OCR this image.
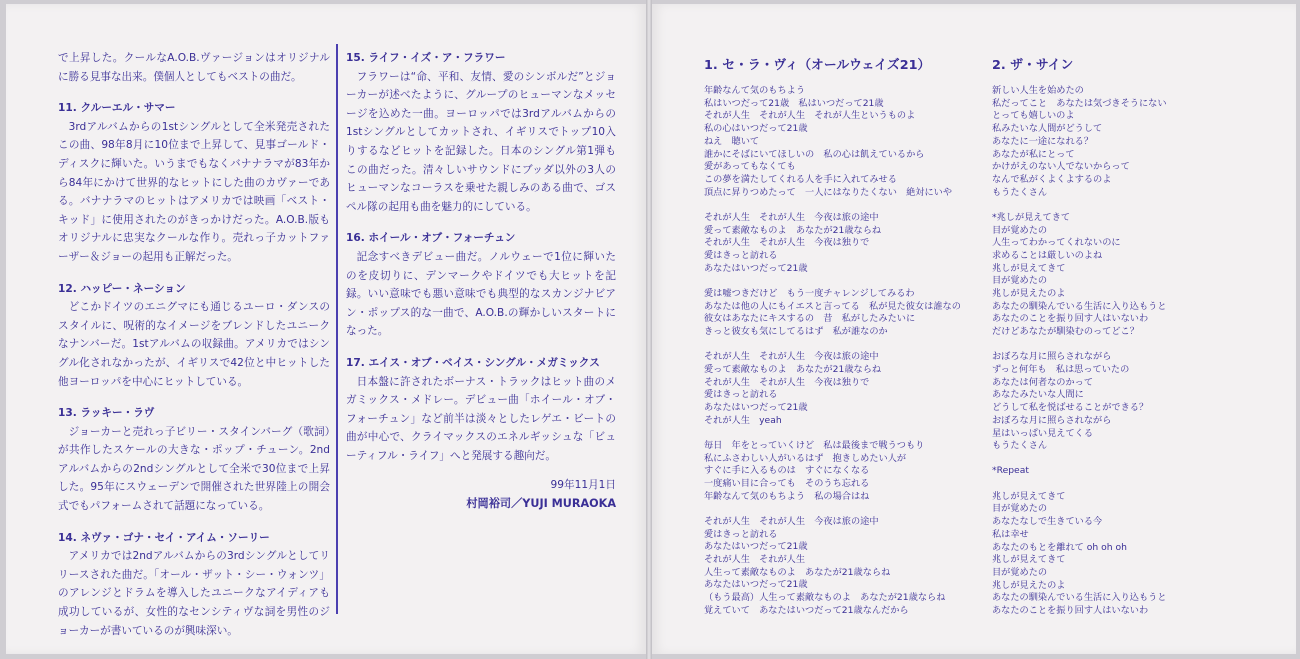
で上昇した。クールなA.O.B.ヴァージョンはオリジナルに勝る見事な出来。僕個人としてもベストの曲だ。

11. クルーエル・サマー

3rdアルバムからの1stシングルとして全米発売されたこの曲、98年8月に10位まで上昇して、見事ゴールド・ディスクに輝いた。いうまでもなくバナナラマが83年から84年にかけて世界的なヒットにした曲のカヴァーである。バナナラマのヒットはアメリカでは映画「ベスト・キッド」に使用されたのがきっかけだった。A.O.B.版もオリジナルに忠実なクールな作り。売れっ子カットファーザー＆ジョーの起用も正解だった。

12. ハッピー・ネーション

どこかドイツのエニグマにも通じるユーロ・ダンスのスタイルに、呪術的なイメージをブレンドしたユニークなナンバーだ。1stアルバムの収録曲。アメリカではシングル化されなかったが、イギリスで42位と中ヒットした他ヨーロッパを中心にヒットしている。

13. ラッキー・ラヴ

ジョーカーと売れっ子ビリー・スタインバーグ（歌詞）が共作したスケールの大きな・ポップ・チューン。2ndアルバムからの2ndシングルとして全米で30位まで上昇した。95年にスウェーデンで開催された世界陸上の開会式でもパフォームされて話題になっている。

14. ネヴァ・ゴナ・セイ・アイム・ソーリー

アメリカでは2ndアルバムからの3rdシングルとしてリリースされた曲だ。「オール・ザット・シー・ウォンツ」のアレンジとドラムを導入したユニークなアイディアも成功しているが、女性的なセンシティヴな詞を男性のジョーカーが書いているのが興味深い。

15. ライフ・イズ・ア・フラワー

フラワーは“命、平和、友情、愛のシンボルだ”とジョーカーが述べたように、グループのヒューマンなメッセージを込めた一曲。ヨーロッパでは3rdアルバムからの1stシングルとしてカットされ、イギリスでトップ10入りするなどヒットを記録した。日本のシングル第1弾もこの曲だった。清々しいサウンドにブッダ以外の3人のヒューマンなコーラスを乗せた親しみのある曲で、ゴスペル隊の起用も曲を魅力的にしている。

16. ホイール・オブ・フォーチュン

記念すべきデビュー曲だ。ノルウェーで1位に輝いたのを皮切りに、デンマークやドイツでも大ヒットを記録。いい意味でも悪い意味でも典型的なスカンジナビアン・ポップス的な一曲で、A.O.B.の輝かしいスタートになった。

17. エイス・オブ・ベイス・シングル・メガミックス

日本盤に許されたボーナス・トラックはヒット曲のメガミックス・メドレー。デビュー曲「ホイール・オブ・フォーチュン」など前半は淡々としたレゲエ・ビートの曲が中心で、クライマックスのエネルギッシュな「ビューティフル・ライフ」へと発展する趣向だ。

99年11月1日
村岡裕司／YUJI MURAOKA
1. セ・ラ・ヴィ（オールウェイズ21）
年齢なんて気のもちよう
私はいつだって21歳　私はいつだって21歳
それが人生　それが人生　それが人生というものよ
私の心はいつだって21歳
ねえ　聴いて
誰かにそばにいてほしいの　私の心は飢えているから
愛があってもなくても
この夢を満たしてくれる人を手に入れてみせる
頂点に昇りつめたって　一人にはなりたくない　絶対にいや
それが人生　それが人生　今夜は旅の途中
愛って素敵なものよ　あなたが21歳ならね
それが人生　それが人生　今夜は独りで
愛はきっと訪れる
あなたはいつだって21歳
愛は嘘つきだけど　もう一度チャレンジしてみるわ
あなたは他の人にもイエスと言ってる　私が見た彼女は誰なの
彼女はあなたにキスするの　昔　私がしたみたいに
きっと彼女も気にしてるはず　私が誰なのか
それが人生　それが人生　今夜は旅の途中
愛って素敵なものよ　あなたが21歳ならね
それが人生　それが人生　今夜は独りで
愛はきっと訪れる
あなたはいつだって21歳
それが人生　yeah
毎日　年をとっていくけど　私は最後まで戦うつもり
私にふさわしい人がいるはず　抱きしめたい人が
すぐに手に入るものは　すぐになくなる
一度痛い目に合っても　そのうち忘れる
年齢なんて気のもちよう　私の場合はね
それが人生　それが人生　今夜は旅の途中
愛はきっと訪れる
あなたはいつだって21歳
それが人生　それが人生
人生って素敵なものよ　あなたが21歳ならね
あなたはいつだって21歳
（もう最高）人生って素敵なものよ　あなたが21歳ならね
覚えていて　あなたはいつだって21歳なんだから
2. ザ・サイン
新しい人生を始めたの
私だってこと　あなたは気づきそうにない
とっても嬉しいのよ
私みたいな人間がどうして
あなたに一途になれる？
あなたが私にとって
かけがえのない人でないからって
なんで私がくよくよするのよ
もうたくさん
*兆しが見えてきて
目が覚めたの
人生ってわかってくれないのに
求めることは厳しいのよね
兆しが見えてきて
目が覚めたの
兆しが見えたのよ
あなたの馴染んでいる生活に入り込もうと
あなたのことを振り回す人はいないわ
だけどあなたが馴染むのってどこ？
おぼろな月に照らされながら
ずっと何年も　私は思っていたの
あなたは何者なのかって
あなたみたいな人間に
どうして私を悦ばせることができる？
おぼろな月に照らされながら
星はいっぱい見えてくる
もうたくさん
*Repeat
兆しが見えてきて
目が覚めたの
あなたなしで生きている今
私は幸せ
あなたのもとを離れて oh oh oh
兆しが見えてきて
目が覚めたの
兆しが見えたのよ
あなたの馴染んでいる生活に入り込もうと
あなたのことを振り回す人はいないわ
